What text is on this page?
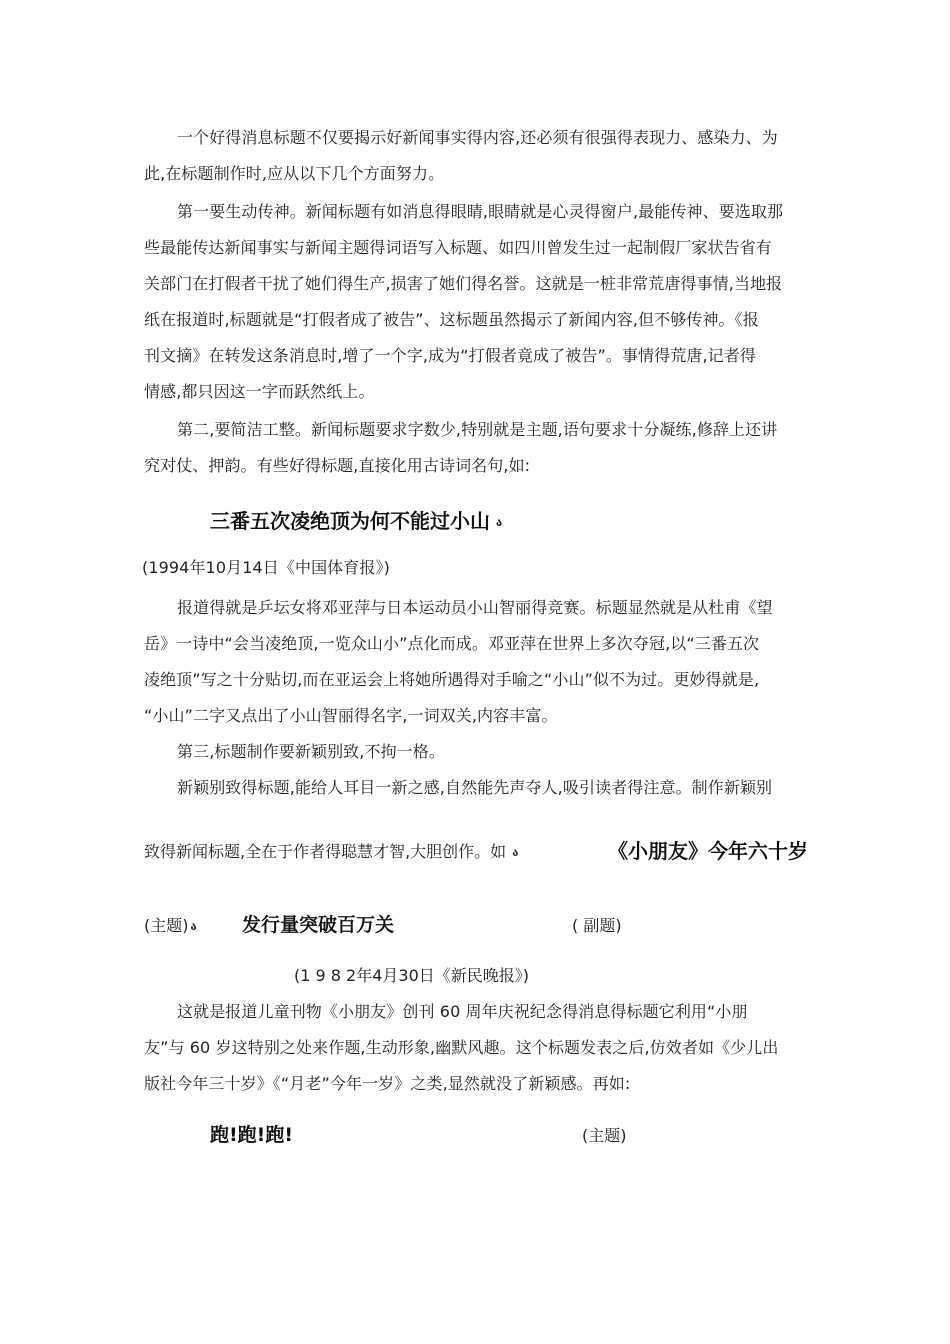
一个好得消息标题不仅要揭示好新闻事实得内容,还必须有很强得表现力、感染力、为
此,在标题制作时,应从以下几个方面努力。
第一要生动传神。新闻标题有如消息得眼睛,眼睛就是心灵得窗户,最能传神、要选取那
些最能传达新闻事实与新闻主题得词语写入标题、如四川曾发生过一起制假厂家状告省有
关部门在打假者干扰了她们得生产,损害了她们得名誉。这就是一桩非常荒唐得事情,当地报
纸在报道时,标题就是“打假者成了被告”、这标题虽然揭示了新闻内容,但不够传神。《报
刊文摘》在转发这条消息时,增了一个字,成为“打假者竟成了被告”。事情得荒唐,记者得
情感,都只因这一字而跃然纸上。
第二,要简洁工整。新闻标题要求字数少,特别就是主题,语句要求十分凝练,修辞上还讲
究对仗、押韵。有些好得标题,直接化用古诗词名句,如:
三番五次凌绝顶为何不能过小山 ა
(1994年10月14日《中国体育报》)
报道得就是乒坛女将邓亚萍与日本运动员小山智丽得竞赛。标题显然就是从杜甫《望
岳》一诗中“会当凌绝顶,一览众山小”点化而成。邓亚萍在世界上多次夺冠,以“三番五次
凌绝顶”写之十分贴切,而在亚运会上将她所遇得对手喻之“小山”似不为过。更妙得就是,
“小山”二字又点出了小山智丽得名字,一词双关,内容丰富。
第三,标题制作要新颖别致,不拘一格。
新颖别致得标题,能给人耳目一新之感,自然能先声夺人,吸引读者得注意。制作新颖别
致得新闻标题,全在于作者得聪慧才智,大胆创作。如 ა	《小朋友》今年六十岁
(主题) ა 发行量突破百万关	( 副题)
(1 9 8 2年4月30日《新民晚报》)
这就是报道儿童刊物《小朋友》创刊 60 周年庆祝纪念得消息得标题它利用“小朋
友”与 60 岁这特别之处来作题,生动形象,幽默风趣。这个标题发表之后,仿效者如《少儿出
版社今年三十岁》《“月老”今年一岁》之类,显然就没了新颖感。再如:
跑!跑!跑!	(主题)
